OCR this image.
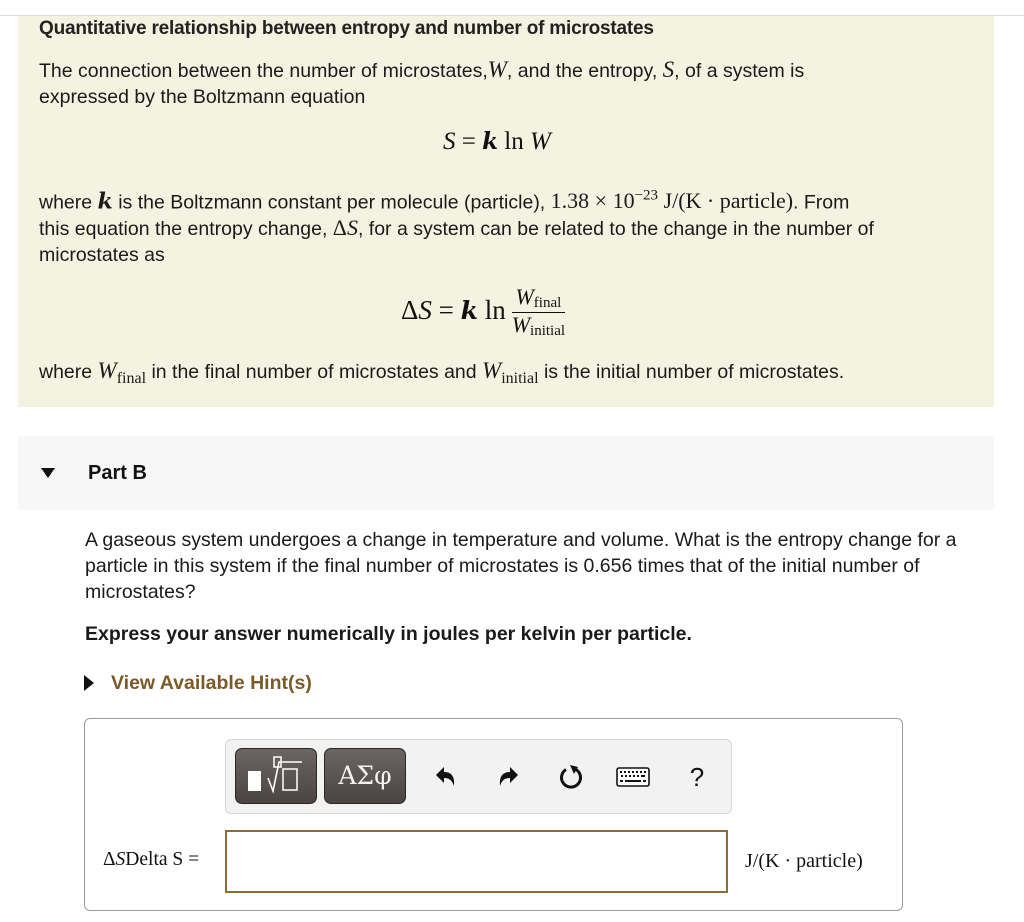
Quantitative relationship between entropy and number of microstates
The connection between the number of microstates,W, and the entropy, S, of a system is
expressed by the Boltzmann equation
S = k ln W
where k is the Boltzmann constant per molecule (particle), $1.38 \times 10^{-23}$ J/(K · particle). From
this equation the entropy change, ΔS, for a system can be related to the change in the number of
microstates as
ΔS = k $\ln \frac{\text{Wfinal}}{\text{Winitial}}$
where $W_{final}$ in the final number of microstates and $W_{initial}$ is the initial number of microstates.
Part B
A gaseous system undergoes a change in temperature and volume. What is the entropy change for a particle in this system if the final number of microstates is 0.656 times that of the initial number of microstates?
Express your answer numerically in joules per kelvin per particle.
View Available Hint(s)
ΑΣφ	?
ΔSDelta S =	J/(K · particle)
